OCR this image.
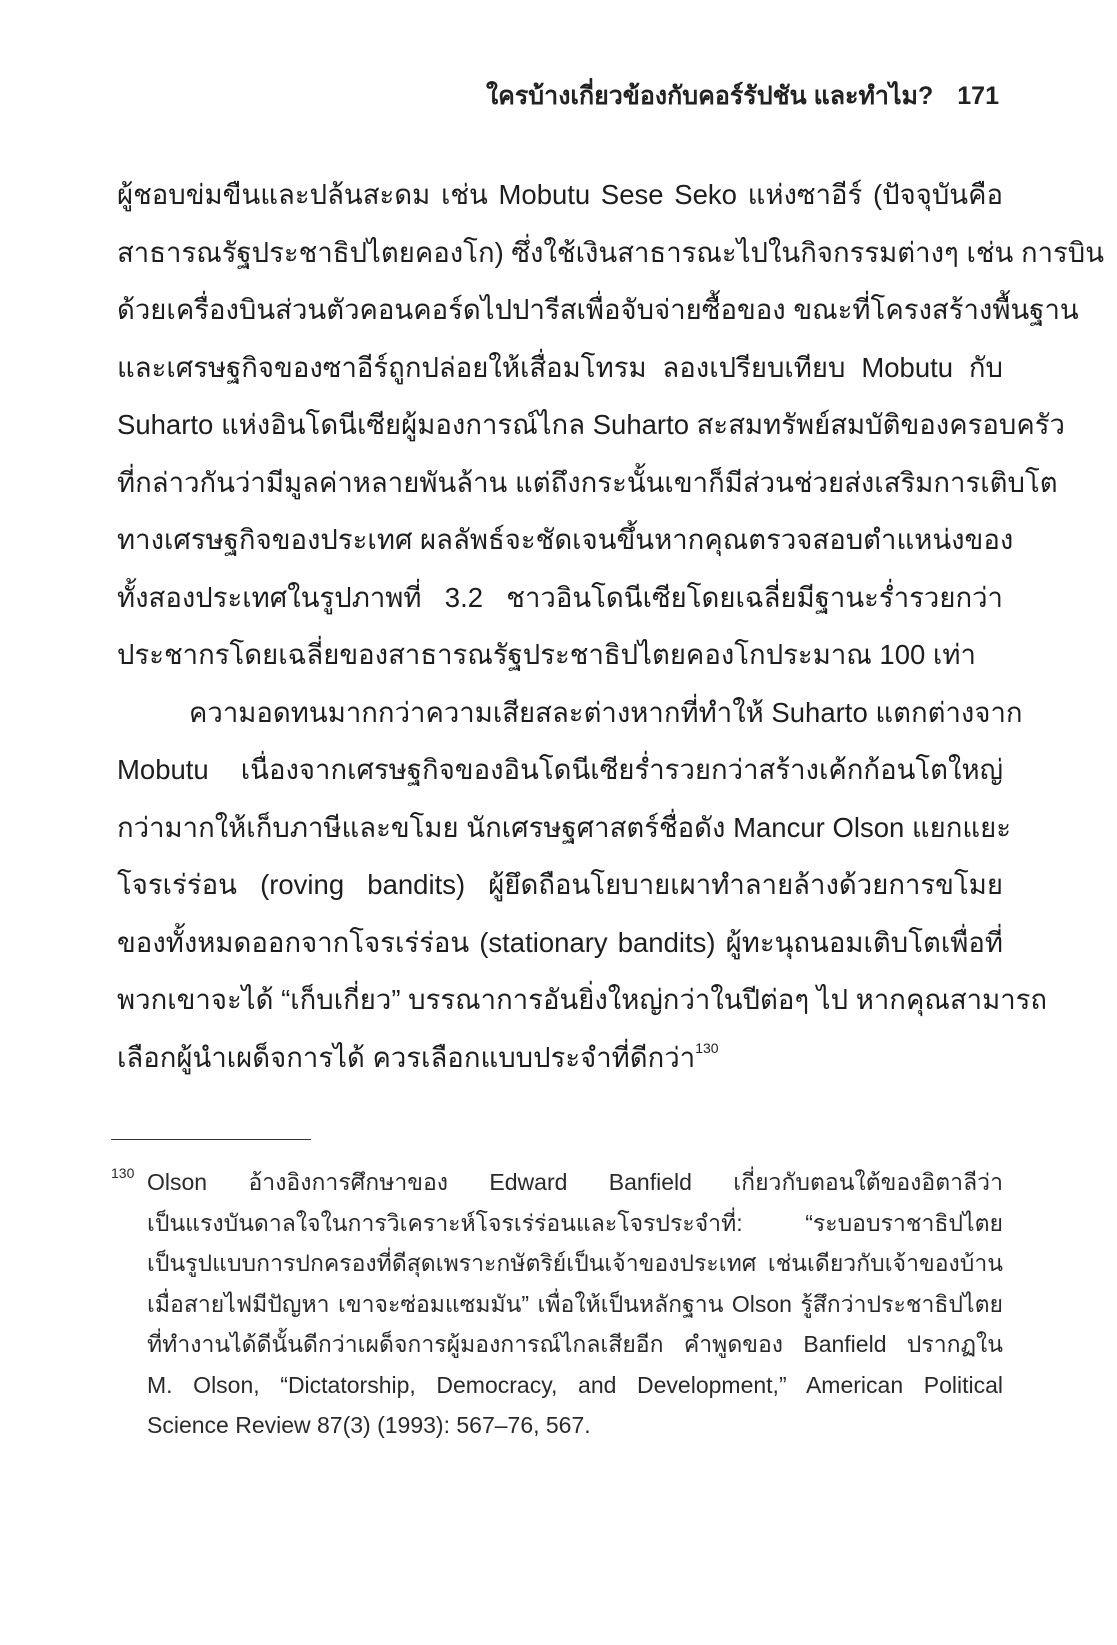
ใครบ้างเกี่ยวข้องกับคอร์รัปชัน และทำไม? 171
ผู้ชอบข่มขืนและปล้นสะดม เช่น Mobutu Sese Seko แห่งซาอีร์ (ปัจจุบันคือ
สาธารณรัฐประชาธิปไตยคองโก) ซึ่งใช้เงินสาธารณะไปในกิจกรรมต่างๆ เช่น การบิน
ด้วยเครื่องบินส่วนตัวคอนคอร์ดไปปารีสเพื่อจับจ่ายซื้อของ ขณะที่โครงสร้างพื้นฐาน
และเศรษฐกิจของซาอีร์ถูกปล่อยให้เสื่อมโทรม ลองเปรียบเทียบ Mobutu กับ
Suharto แห่งอินโดนีเซียผู้มองการณ์ไกล Suharto สะสมทรัพย์สมบัติของครอบครัว
ที่กล่าวกันว่ามีมูลค่าหลายพันล้าน แต่ถึงกระนั้นเขาก็มีส่วนช่วยส่งเสริมการเติบโต
ทางเศรษฐกิจของประเทศ ผลลัพธ์จะชัดเจนขึ้นหากคุณตรวจสอบตำแหน่งของ
ทั้งสองประเทศในรูปภาพที่ 3.2 ชาวอินโดนีเซียโดยเฉลี่ยมีฐานะร่ำรวยกว่า
ประชากรโดยเฉลี่ยของสาธารณรัฐประชาธิปไตยคองโกประมาณ 100 เท่า
ความอดทนมากกว่าความเสียสละต่างหากที่ทำให้ Suharto แตกต่างจาก
Mobutu เนื่องจากเศรษฐกิจของอินโดนีเซียร่ำรวยกว่าสร้างเค้กก้อนโตใหญ่
กว่ามากให้เก็บภาษีและขโมย นักเศรษฐศาสตร์ชื่อดัง Mancur Olson แยกแยะ
โจรเร่ร่อน (roving bandits) ผู้ยึดถือนโยบายเผาทำลายล้างด้วยการขโมย
ของทั้งหมดออกจากโจรเร่ร่อน (stationary bandits) ผู้ทะนุถนอมเติบโตเพื่อที่
พวกเขาจะได้ “เก็บเกี่ยว” บรรณาการอันยิ่งใหญ่กว่าในปีต่อๆ ไป หากคุณสามารถ
เลือกผู้นำเผด็จการได้ ควรเลือกแบบประจำที่ดีกว่า$^{130}$
130 Olson อ้างอิงการศึกษาของ Edward Banfield เกี่ยวกับตอนใต้ของอิตาลีว่า
เป็นแรงบันดาลใจในการวิเคราะห์โจรเร่ร่อนและโจรประจำที่: “ระบอบราชาธิปไตย
เป็นรูปแบบการปกครองที่ดีสุดเพราะกษัตริย์เป็นเจ้าของประเทศ เช่นเดียวกับเจ้าของบ้าน
เมื่อสายไฟมีปัญหา เขาจะซ่อมแซมมัน” เพื่อให้เป็นหลักฐาน Olson รู้สึกว่าประชาธิปไตย
ที่ทำงานได้ดีนั้นดีกว่าเผด็จการผู้มองการณ์ไกลเสียอีก คำพูดของ Banfield ปรากฏใน
M. Olson, “Dictatorship, Democracy, and Development,” American Political
Science Review 87(3) (1993): 567–76, 567.
